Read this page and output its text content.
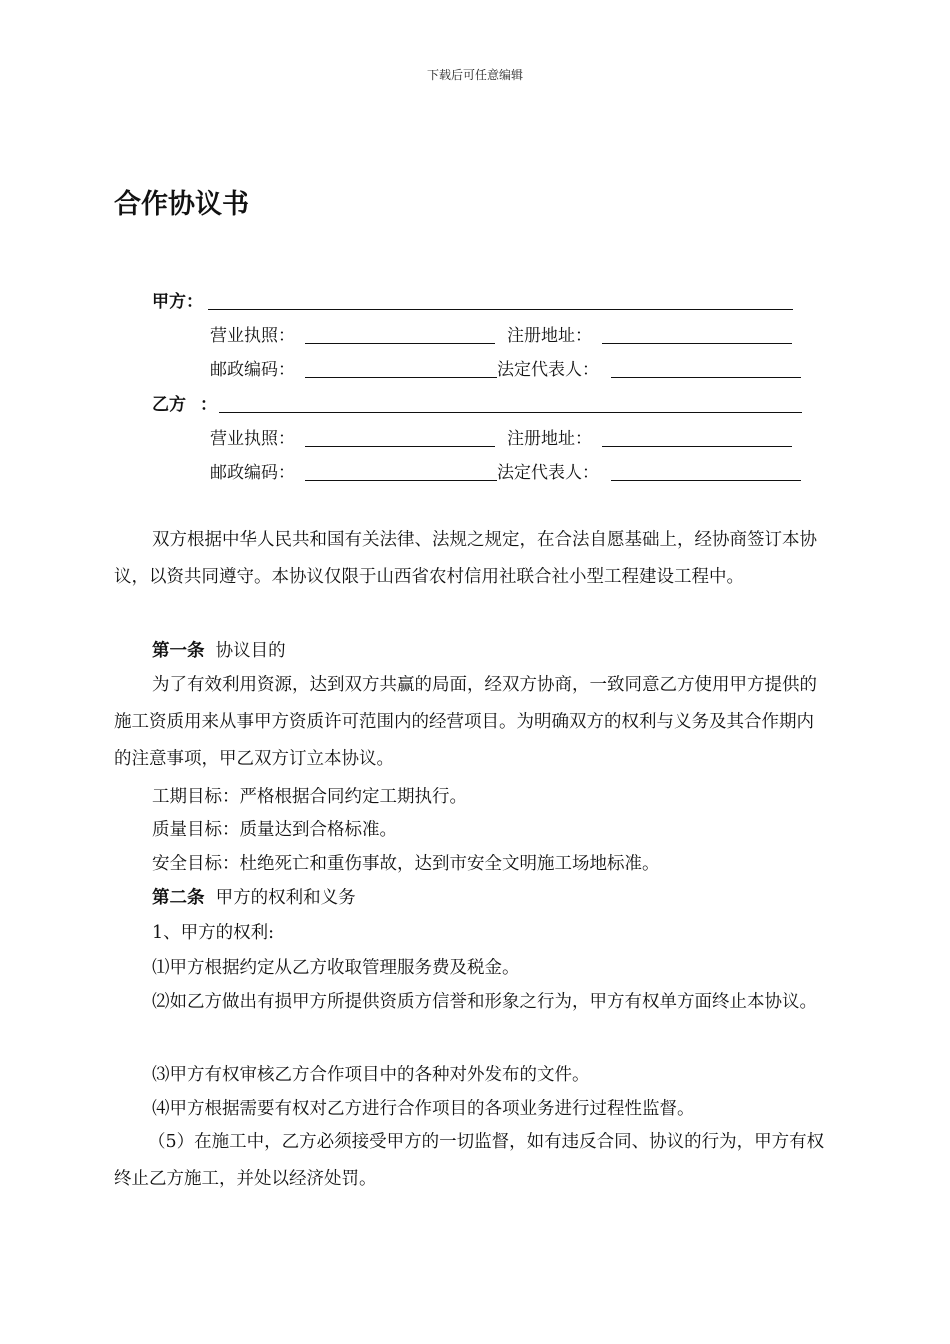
下载后可任意编辑
合作协议书
甲方：
营业执照：	注册地址：
邮政编码：	法定代表人：
乙方 ：
营业执照：	注册地址：
邮政编码：	法定代表人：

双方根据中华人民共和国有关法律、法规之规定，在合法自愿基础上，经协商签订本协议，以资共同遵守。本协议仅限于山西省农村信用社联合社小型工程建设工程中。

第一条 协议目的

为了有效利用资源，达到双方共赢的局面，经双方协商，一致同意乙方使用甲方提供的施工资质用来从事甲方资质许可范围内的经营项目。为明确双方的权利与义务及其合作期内的注意事项，甲乙双方订立本协议。

工期目标：严格根据合同约定工期执行。
质量目标：质量达到合格标准。
安全目标：杜绝死亡和重伤事故，达到市安全文明施工场地标准。
第二条 甲方的权利和义务
1、甲方的权利:
⑴甲方根据约定从乙方收取管理服务费及税金。

⑵如乙方做出有损甲方所提供资质方信誉和形象之行为，甲方有权单方面终止本协议。

⑶甲方有权审核乙方合作项目中的各种对外发布的文件。
⑷甲方根据需要有权对乙方进行合作项目的各项业务进行过程性监督。

（5）在施工中，乙方必须接受甲方的一切监督，如有违反合同、协议的行为，甲方有权终止乙方施工，并处以经济处罚。
